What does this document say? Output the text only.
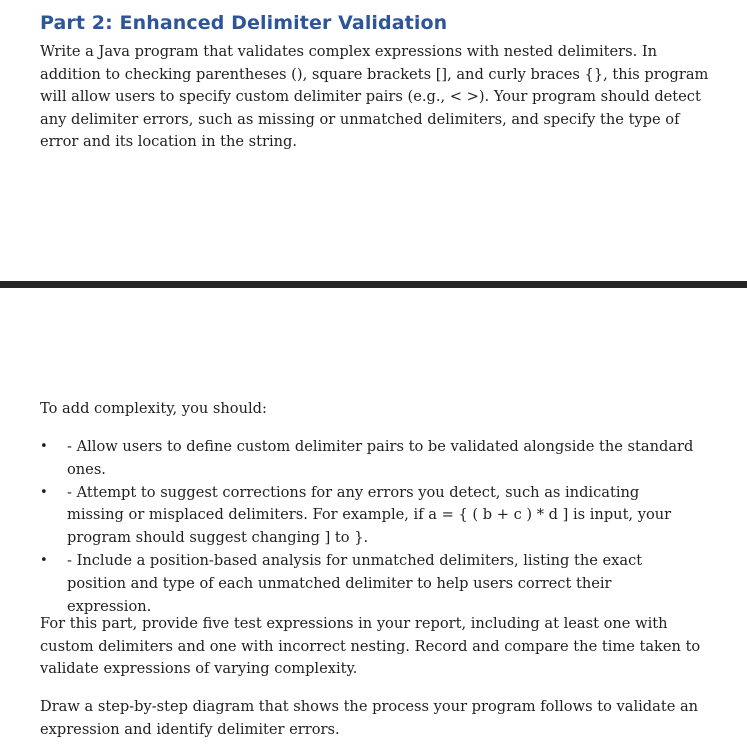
Part 2: Enhanced Delimiter Validation

Write a Java program that validates complex expressions with nested delimiters. In addition to checking parentheses (), square brackets [], and curly braces {}, this program will allow users to specify custom delimiter pairs (e.g., < >). Your program should detect any delimiter errors, such as missing or unmatched delimiters, and specify the type of error and its location in the string.

To add complexity, you should:

• - Allow users to define custom delimiter pairs to be validated alongside the standard ones.
• - Attempt to suggest corrections for any errors you detect, such as indicating missing or misplaced delimiters. For example, if a = { ( b + c ) * d ] is input, your program should suggest changing ] to }.
• - Include a position-based analysis for unmatched delimiters, listing the exact position and type of each unmatched delimiter to help users correct their expression.

For this part, provide five test expressions in your report, including at least one with custom delimiters and one with incorrect nesting. Record and compare the time taken to validate expressions of varying complexity.

Draw a step-by-step diagram that shows the process your program follows to validate an expression and identify delimiter errors.
